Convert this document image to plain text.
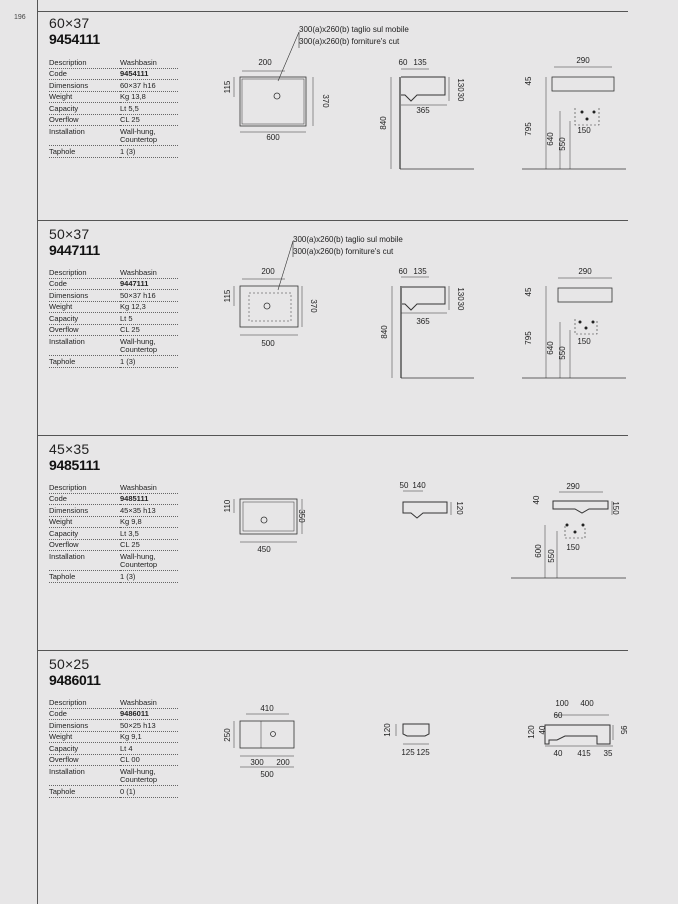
196 60×37
9454111
Description	Washbasin
Code	9454111
Dimensions	60×37 h16
Weight	Kg 13,8
Capacity	Lt 5,5
Overflow	CL 25
Installation	Wall-hung,
Countertop
Taphole	1 (3)
300(a)x260(b) taglio sul mobile
300(a)x260(b) forniture's cut
200
115
370
600
60 135
130
30
365
840
290
45
795
640 550
150
50×37
9447111
Description	Washbasin
Code	9447111
Dimensions	50×37 h16
Weight	Kg 12,3
Capacity	Lt 5
Overflow	CL 25
Installation	Wall-hung,
Countertop
Taphole	1 (3)
300(a)x260(b) taglio sul mobile
300(a)x260(b) forniture's cut
200
115
370
500
60 135
130
30
365
840
290
45
795
640 550
150
45×35
9485111
Description	Washbasin
Code	9485111
Dimensions	45×35 h13
Weight	Kg 9,8
Capacity	Lt 3,5
Overflow	CL 25
Installation	Wall-hung,
Countertop
Taphole	1 (3)
110
350
450
50 140
120
290
40
150
600 550
150
50×25
9486011
Description	Washbasin
Code	9486011
Dimensions	50×25 h13
Weight	Kg 9,1
Capacity	Lt 4
Overflow	CL 00
Installation	Wall-hung,
Countertop
Taphole	0 (1)
410
250
300 200
500
120
125 125
100 400
60
120 40	95
40 415 35
